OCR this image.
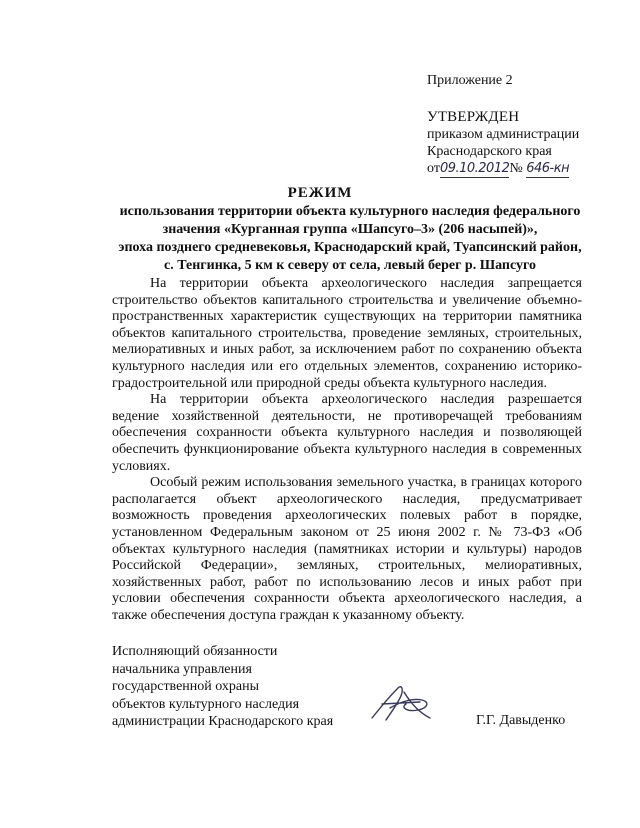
Приложение 2
УТВЕРЖДЕН
приказом администрации
Краснодарского края
от09.10.2012№ 646-кн
РЕЖИМ
использования территории объекта культурного наследия федерального
значения «Курганная группа «Шапсуго–3» (206 насыпей)»,
эпоха позднего средневековья, Краснодарский край, Туапсинский район,
с. Тенгинка, 5 км к северу от села, левый берег р. Шапсуго

На территории объекта археологического наследия запрещается строительство объектов капитального строительства и увеличение объемно-пространственных характеристик существующих на территории памятника объектов капитального строительства, проведение земляных, строительных, мелиоративных и иных работ, за исключением работ по сохранению объекта культурного наследия или его отдельных элементов, сохранению историко-градостроительной или природной среды объекта культурного наследия.

На территории объекта археологического наследия разрешается ведение хозяйственной деятельности, не противоречащей требованиям обеспечения сохранности объекта культурного наследия и позволяющей обеспечить функционирование объекта культурного наследия в современных условиях.

Особый режим использования земельного участка, в границах которого располагается объект археологического наследия, предусматривает возможность проведения археологических полевых работ в порядке, установленном Федеральным законом от 25 июня 2002 г. № 73-ФЗ «Об объектах культурного наследия (памятниках истории и культуры) народов Российской Федерации», земляных, строительных, мелиоративных, хозяйственных работ, работ по использованию лесов и иных работ при условии обеспечения сохранности объекта археологического наследия, а также обеспечения доступа граждан к указанному объекту.

Исполняющий обязанности
начальника управления
государственной охраны
объектов культурного наследия
администрации Краснодарского края	Г.Г. Давыденко
